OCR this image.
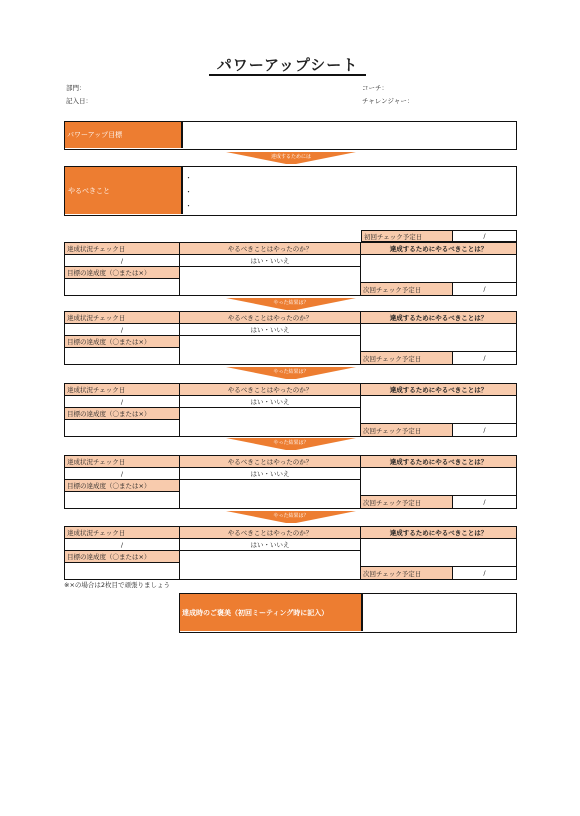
パワーアップシート
部門：
記入日：
コーチ：
チャレンジャー：
パワーアップ目標
達成するためには
やるべきこと
・
・
・
初回チェック予定日	/
達成状況チェック日	やるべきことはやったのか？	達成するためにやるべきことは？
/	はい・いいえ
目標の達成度（〇または×）
次回チェック予定日	/
やった結果は？
達成状況チェック日	やるべきことはやったのか？	達成するためにやるべきことは？
/	はい・いいえ
目標の達成度（〇または×）
次回チェック予定日	/
やった結果は？
達成状況チェック日	やるべきことはやったのか？	達成するためにやるべきことは？
/	はい・いいえ
目標の達成度（〇または×）
次回チェック予定日	/
やった結果は？
達成状況チェック日	やるべきことはやったのか？	達成するためにやるべきことは？
/	はい・いいえ
目標の達成度（〇または×）
次回チェック予定日	/
やった結果は？
達成状況チェック日	やるべきことはやったのか？	達成するためにやるべきことは？
/	はい・いいえ
目標の達成度（〇または×）
次回チェック予定日	/
※×の場合は2枚目で頑張りましょう
達成時のご褒美（初回ミーティング時に記入）
